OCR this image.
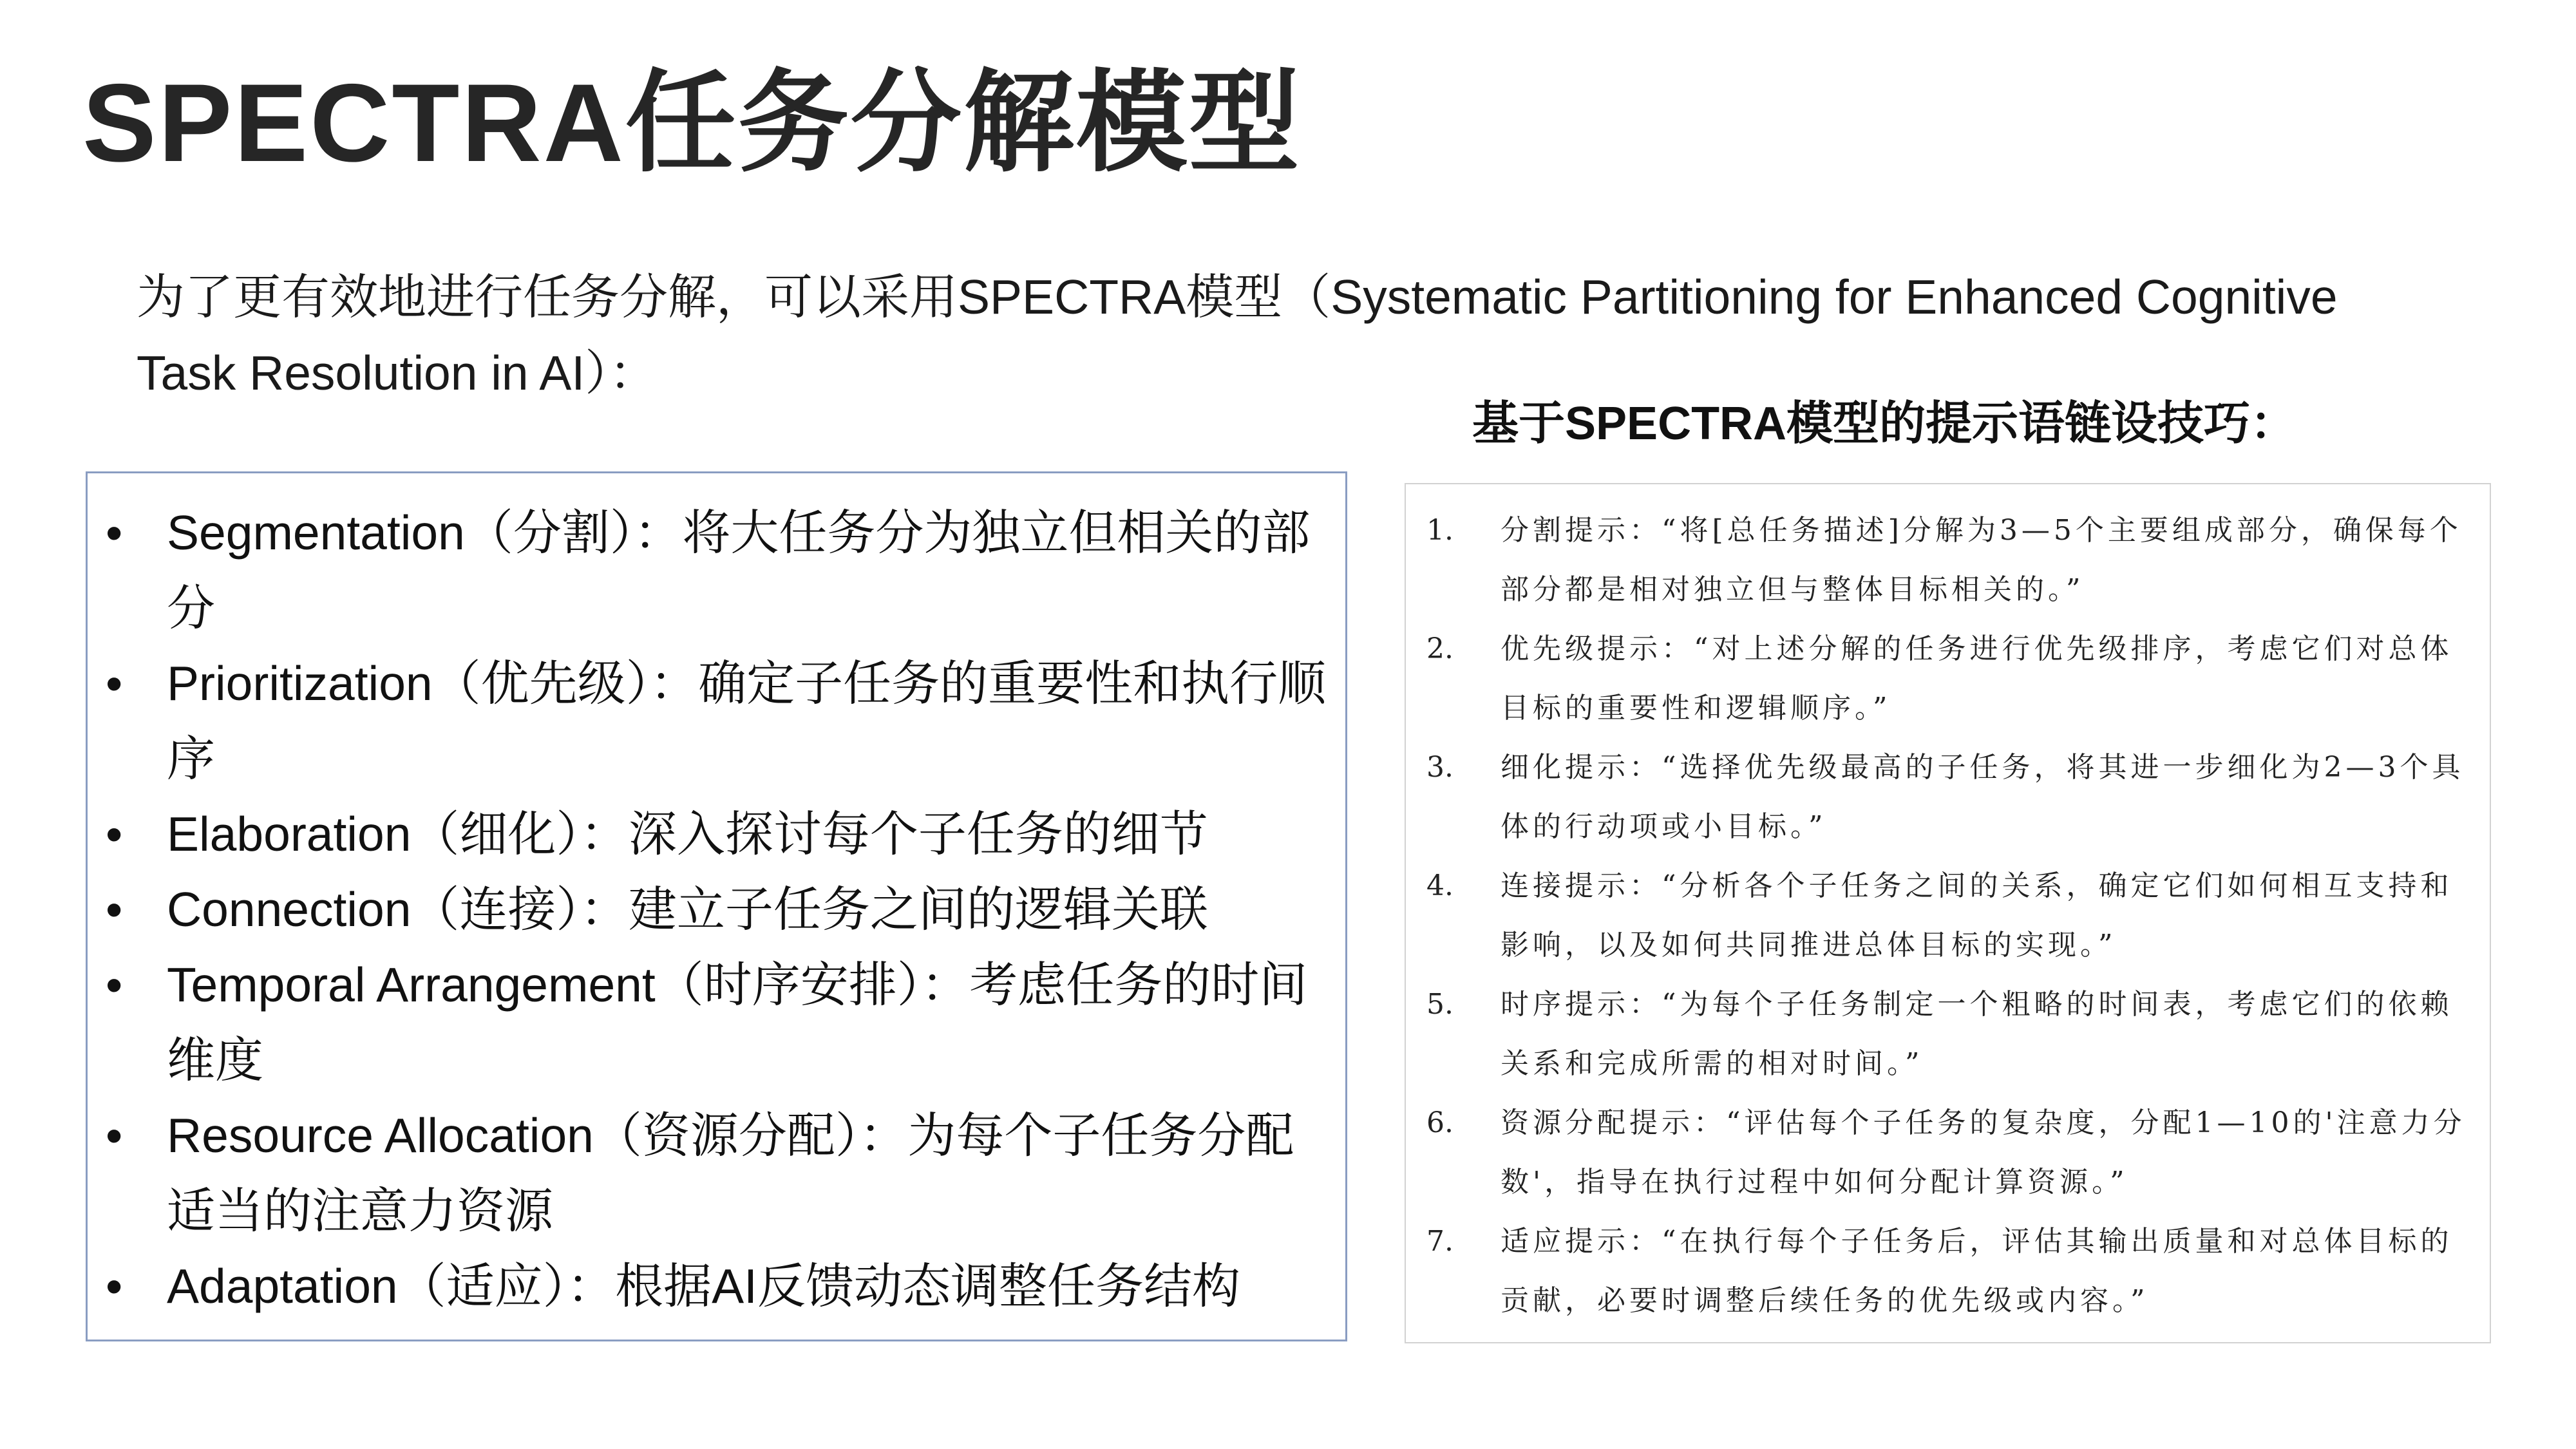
SPECTRA任务分解模型

为了更有效地进行任务分解，可以采用SPECTRA模型（Systematic Partitioning for Enhanced Cognitive Task Resolution in AI）：

• Segmentation（分割）：将大任务分为独立但相关的部分
• Prioritization（优先级）：确定子任务的重要性和执行顺序
• Elaboration（细化）：深入探讨每个子任务的细节
• Connection（连接）：建立子任务之间的逻辑关联
• Temporal Arrangement（时序安排）：考虑任务的时间维度
• Resource Allocation（资源分配）：为每个子任务分配适当的注意力资源
• Adaptation（适应）：根据AI反馈动态调整任务结构
基于SPECTRA模型的提示语链设技巧：
1.	分割提示：“将[总任务描述]分解为3—5个主要组成部分，确保每个部分都是相对独立但与整体目标相关的。”
2.	优先级提示：“对上述分解的任务进行优先级排序，考虑它们对总体目标的重要性和逻辑顺序。”
3.	细化提示：“选择优先级最高的子任务，将其进一步细化为2—3个具体的行动项或小目标。”
4.	连接提示：“分析各个子任务之间的关系，确定它们如何相互支持和影响，以及如何共同推进总体目标的实现。”
5.	时序提示：“为每个子任务制定一个粗略的时间表，考虑它们的依赖关系和完成所需的相对时间。”
6.	资源分配提示：“评估每个子任务的复杂度，分配1—10的'注意力分数'，指导在执行过程中如何分配计算资源。”
7.	适应提示：“在执行每个子任务后，评估其输出质量和对总体目标的贡献，必要时调整后续任务的优先级或内容。”
